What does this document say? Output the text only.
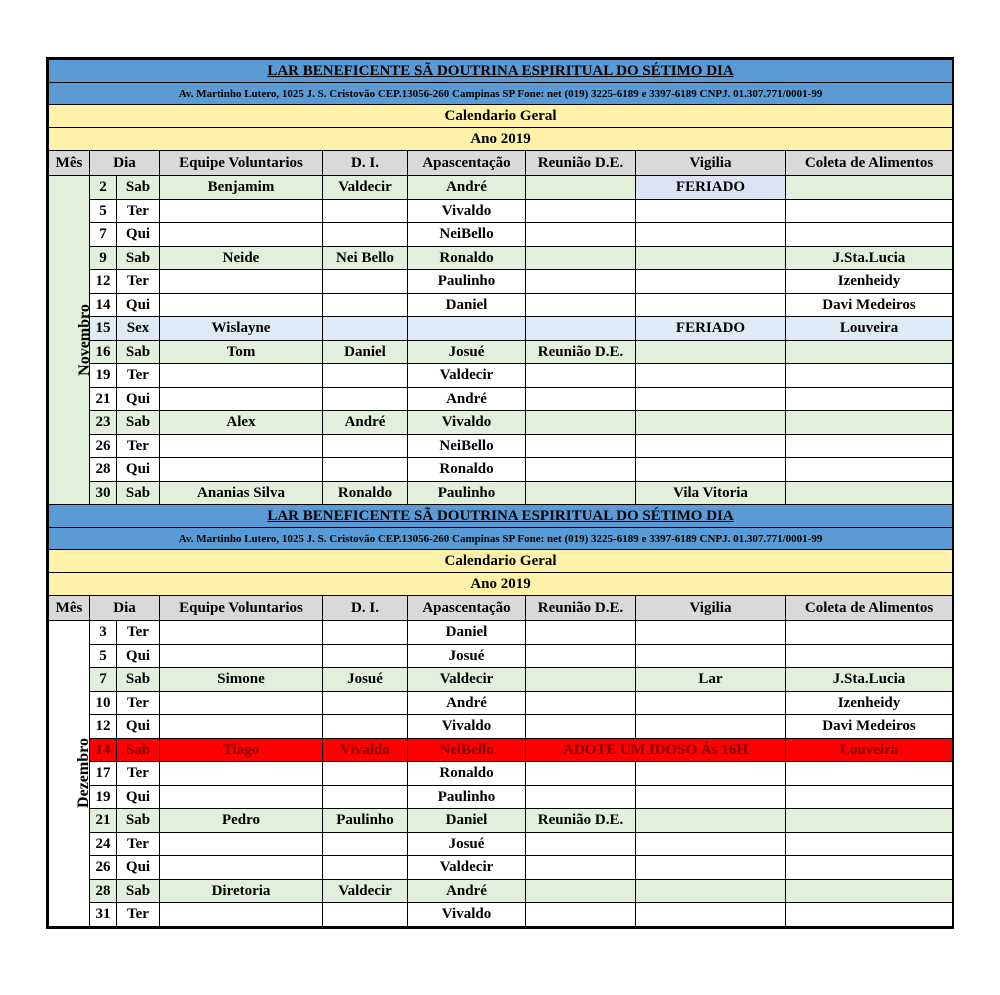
LAR BENEFICENTE SÃ DOUTRINA ESPIRITUAL DO SÉTIMO DIA								
Av. Martinho Lutero, 1025 J. S. Cristovão CEP.13056-260 Campinas SP Fone: net (019) 3225-6189 e 3397-6189 CNPJ. 01.307.771/0001-99								
Calendario Geral								
Ano 2019								
Mês	Dia		Equipe Voluntarios	D. I.	Apascentação	Reunião D.E.	Vigilia	Coleta de Alimentos
Novembro	2	Sab	Benjamim	Valdecir	André		FERIADO	
	5	Ter			Vivaldo			
	7	Qui			NeiBello			
	9	Sab	Neide	Nei Bello	Ronaldo			J.Sta.Lucia
	12	Ter			Paulinho			Izenheidy
	14	Qui			Daniel			Davi Medeiros
	15	Sex	Wislayne				FERIADO	Louveira
	16	Sab	Tom	Daniel	Josué	Reunião D.E.		
	19	Ter			Valdecir			
	21	Qui			André			
	23	Sab	Alex	André	Vivaldo			
	26	Ter			NeiBello			
	28	Qui			Ronaldo			
	30	Sab	Ananias Silva	Ronaldo	Paulinho		Vila Vitoria	
LAR BENEFICENTE SÃ DOUTRINA ESPIRITUAL DO SÉTIMO DIA								
Av. Martinho Lutero, 1025 J. S. Cristovão CEP.13056-260 Campinas SP Fone: net (019) 3225-6189 e 3397-6189 CNPJ. 01.307.771/0001-99								
Calendario Geral								
Ano 2019								
Mês	Dia		Equipe Voluntarios	D. I.	Apascentação	Reunião D.E.	Vigilia	Coleta de Alimentos
Dezembro	3	Ter			Daniel			
	5	Qui			Josué			
	7	Sab	Simone	Josué	Valdecir		Lar	J.Sta.Lucia
	10	Ter			André			Izenheidy
	12	Qui			Vivaldo			Davi Medeiros
	14	Sab	Tiago	Vivaldo	NeiBello	ADOTE UM IDOSO Ás 16H		Louveira
	17	Ter			Ronaldo			
	19	Qui			Paulinho			
	21	Sab	Pedro	Paulinho	Daniel	Reunião D.E.		
	24	Ter			Josué			
	26	Qui			Valdecir			
	28	Sab	Diretoria	Valdecir	André			
	31	Ter			Vivaldo			
